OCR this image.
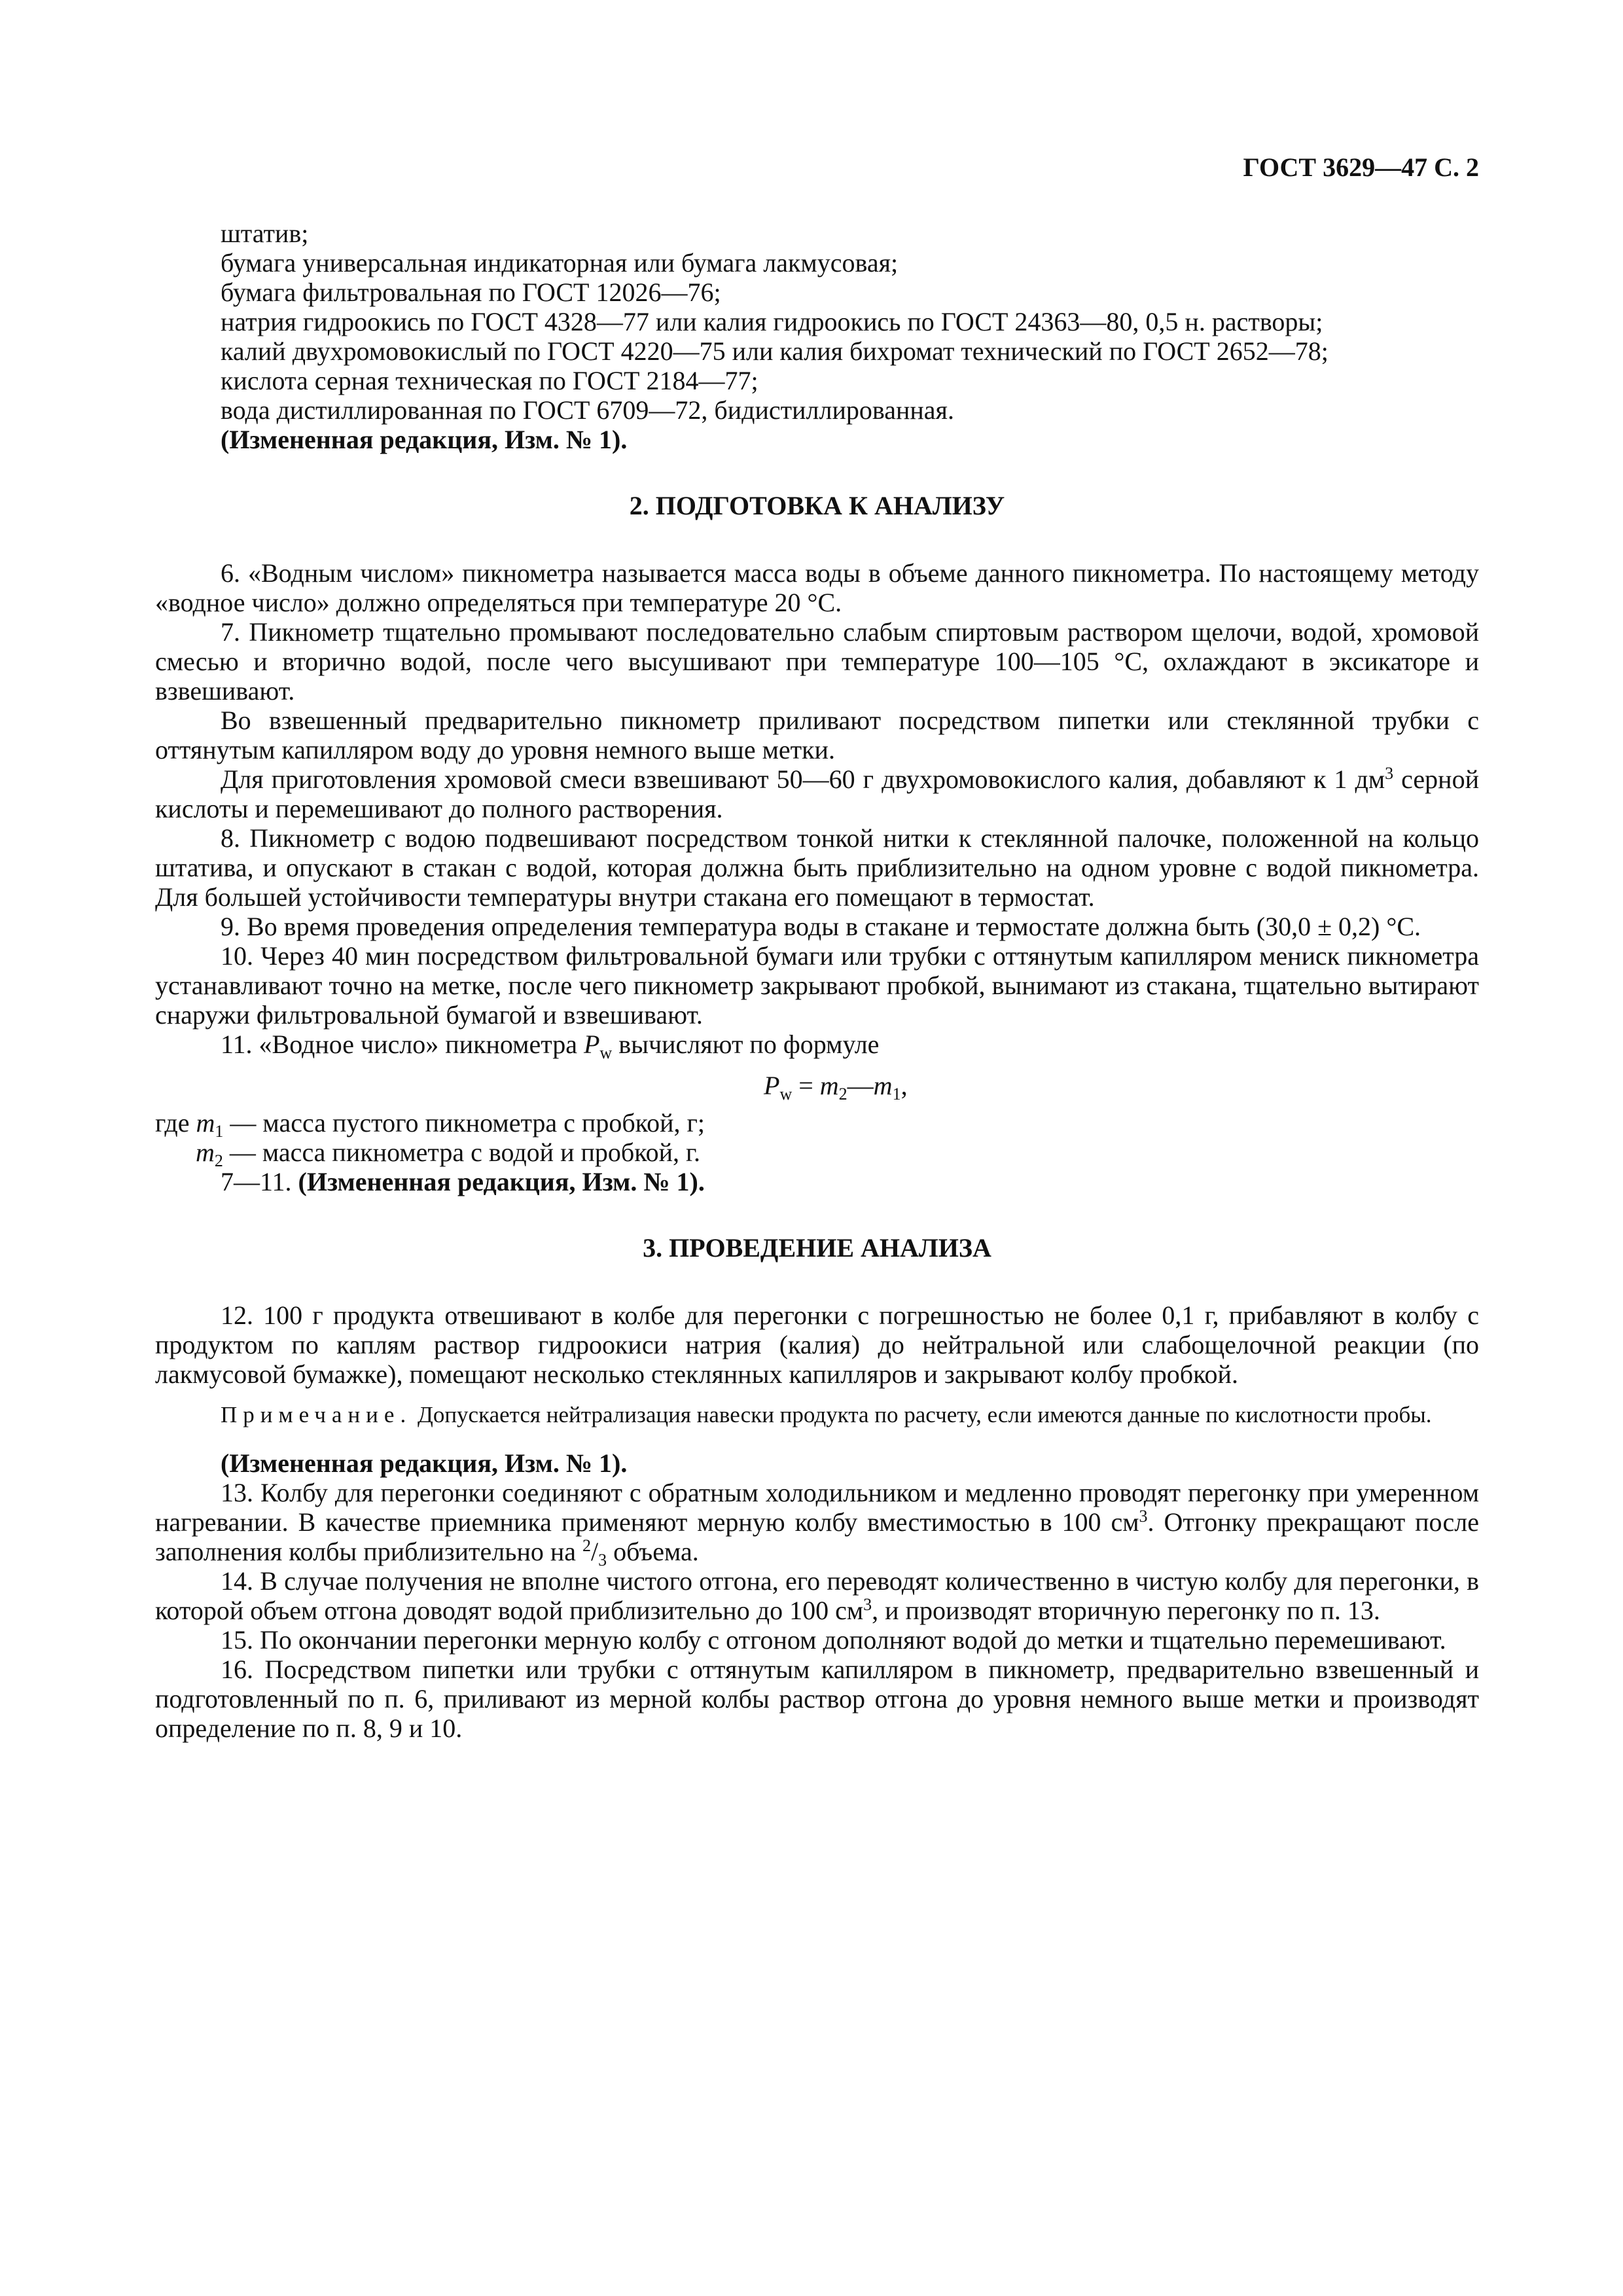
ГОСТ 3629—47 С. 2

штатив;

бумага универсальная индикаторная или бумага лакмусовая;

бумага фильтровальная по ГОСТ 12026—76;

натрия гидроокись по ГОСТ 4328—77 или калия гидроокись по ГОСТ 24363—80, 0,5 н. растворы;

калий двухромовокислый по ГОСТ 4220—75 или калия бихромат технический по ГОСТ 2652—78;

кислота серная техническая по ГОСТ 2184—77;

вода дистиллированная по ГОСТ 6709—72, бидистиллированная.

(Измененная редакция, Изм. № 1).

2. ПОДГОТОВКА К АНАЛИЗУ

6. «Водным числом» пикнометра называется масса воды в объеме данного пикнометра. По настоящему методу «водное число» должно определяться при температуре 20 °С.

7. Пикнометр тщательно промывают последовательно слабым спиртовым раствором щелочи, водой, хромовой смесью и вторично водой, после чего высушивают при температуре 100—105 °С, охлаждают в эксикаторе и взвешивают.

Во взвешенный предварительно пикнометр приливают посредством пипетки или стеклянной трубки с оттянутым капилляром воду до уровня немного выше метки.

Для приготовления хромовой смеси взвешивают 50—60 г двухромовокислого калия, добавляют к 1 $дм^3$ серной кислоты и перемешивают до полного растворения.

8. Пикнометр с водою подвешивают посредством тонкой нитки к стеклянной палочке, положенной на кольцо штатива, и опускают в стакан с водой, которая должна быть приблизительно на одном уровне с водой пикнометра. Для большей устойчивости температуры внутри стакана его помещают в термостат.

9. Во время проведения определения температура воды в стакане и термостате должна быть (30,0 ± 0,2) °С.

10. Через 40 мин посредством фильтровальной бумаги или трубки с оттянутым капилляром мениск пикнометра устанавливают точно на метке, после чего пикнометр закрывают пробкой, вынимают из стакана, тщательно вытирают снаружи фильтровальной бумагой и взвешивают.

11. «Водное число» пикнометра $P_w$ вычисляют по формуле

$P_w$ = $m_2—m_1$,

где $m_1$ — масса пустого пикнометра с пробкой, г;

$m_2$ — масса пикнометра с водой и пробкой, г.

7—11. (Измененная редакция, Изм. № 1).

3. ПРОВЕДЕНИЕ АНАЛИЗА

12. 100 г продукта отвешивают в колбе для перегонки с погрешностью не более 0,1 г, прибавляют в колбу с продуктом по каплям раствор гидроокиси натрия (калия) до нейтральной или слабощелочной реакции (по лакмусовой бумажке), помещают несколько стеклянных капилляров и закрывают колбу пробкой.

Примечание. Допускается нейтрализация навески продукта по расчету, если имеются данные по кислотности пробы.

(Измененная редакция, Изм. № 1).

13. Колбу для перегонки соединяют с обратным холодильником и медленно проводят перегонку при умеренном нагревании. В качестве приемника применяют мерную колбу вместимостью в 100 $см^3$. Отгонку прекращают после заполнения колбы приблизительно на $^2/_3$ объема.

14. В случае получения не вполне чистого отгона, его переводят количественно в чистую колбу для перегонки, в которой объем отгона доводят водой приблизительно до 100 $см^3$, и производят вторичную перегонку по п. 13.

15. По окончании перегонки мерную колбу с отгоном дополняют водой до метки и тщательно перемешивают.

16. Посредством пипетки или трубки с оттянутым капилляром в пикнометр, предварительно взвешенный и подготовленный по п. 6, приливают из мерной колбы раствор отгона до уровня немного выше метки и производят определение по п. 8, 9 и 10.
